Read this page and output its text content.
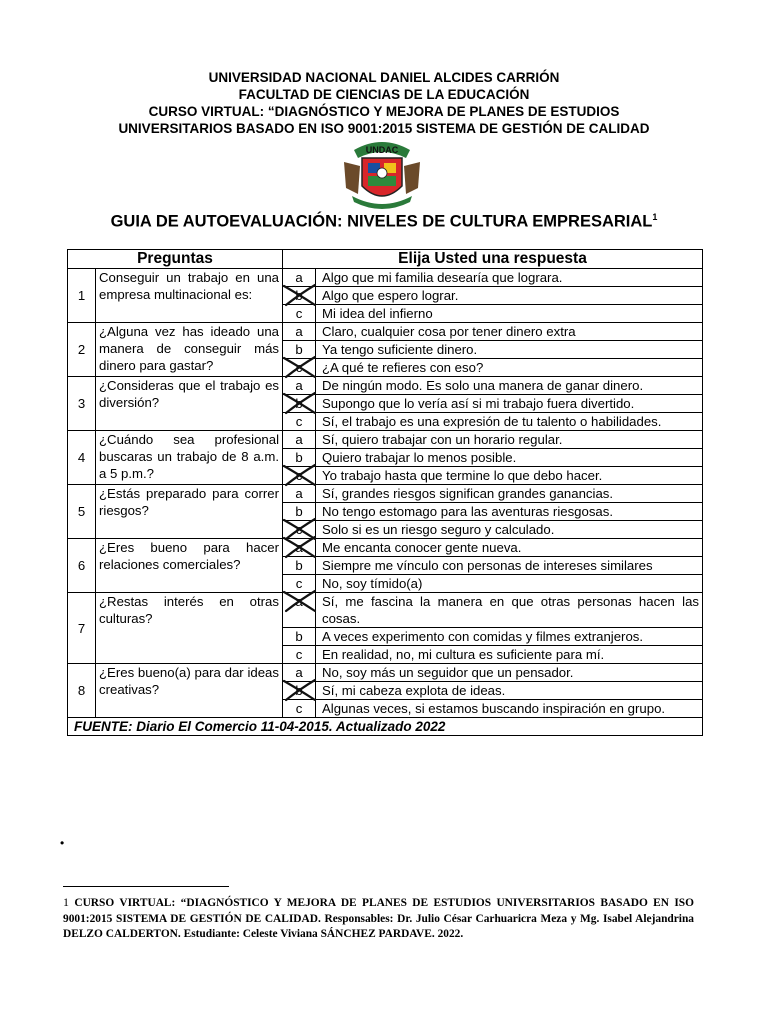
UNIVERSIDAD NACIONAL DANIEL ALCIDES CARRIÓN
FACULTAD DE CIENCIAS DE LA EDUCACIÓN
CURSO VIRTUAL: “DIAGNÓSTICO Y MEJORA DE PLANES DE ESTUDIOS
UNIVERSITARIOS BASADO EN ISO 9001:2015 SISTEMA DE GESTIÓN DE CALIDAD
UNDAC
GUIA DE AUTOEVALUACIÓN: NIVELES DE CULTURA EMPRESARIAL$^1$
Preguntas		Elija Usted una respuesta	
1	Conseguir un trabajo en una empresa multinacional es:	a	Algo que mi familia desearía que lograra.
		b	Algo que espero lograr.
		c	Mi idea del infierno
2	¿Alguna vez has ideado una manera de conseguir más dinero para gastar?	a	Claro, cualquier cosa por tener dinero extra
		b	Ya tengo suficiente dinero.
		c	¿A qué te refieres con eso?
3	¿Consideras que el trabajo es diversión?	a	De ningún modo. Es solo una manera de ganar dinero.
		b	Supongo que lo vería así si mi trabajo fuera divertido.
		c	Sí, el trabajo es una expresión de tu talento o habilidades.
4	¿Cuándo sea profesional buscaras un trabajo de 8 a.m. a 5 p.m.?	a	Sí, quiero trabajar con un horario regular.
		b	Quiero trabajar lo menos posible.
		c	Yo trabajo hasta que termine lo que debo hacer.
5	¿Estás preparado para correr riesgos?	a	Sí, grandes riesgos significan grandes ganancias.
		b	No tengo estomago para las aventuras riesgosas.
		c	Solo si es un riesgo seguro y calculado.
6	¿Eres bueno para hacer relaciones comerciales?	a	Me encanta conocer gente nueva.
		b	Siempre me vínculo con personas de intereses similares
		c	No, soy tímido(a)
7	¿Restas interés en otras culturas?	a	Sí, me fascina la manera en que otras personas hacen las cosas.
		b	A veces experimento con comidas y filmes extranjeros.
		c	En realidad, no, mi cultura es suficiente para mí.
8	¿Eres bueno(a) para dar ideas creativas?	a	No, soy más un seguidor que un pensador.
		b	Sí, mi cabeza explota de ideas.
		c	Algunas veces, si estamos buscando inspiración en grupo.
FUENTE: Diario El Comercio 11-04-2015. Actualizado 2022			
•
1 CURSO VIRTUAL: “DIAGNÓSTICO Y MEJORA DE PLANES DE ESTUDIOS UNIVERSITARIOS BASADO EN ISO 9001:2015 SISTEMA DE GESTIÓN DE CALIDAD. Responsables: Dr. Julio César Carhuaricra Meza y Mg. Isabel Alejandrina DELZO CALDERTON. Estudiante: Celeste Viviana SÁNCHEZ PARDAVE. 2022.
